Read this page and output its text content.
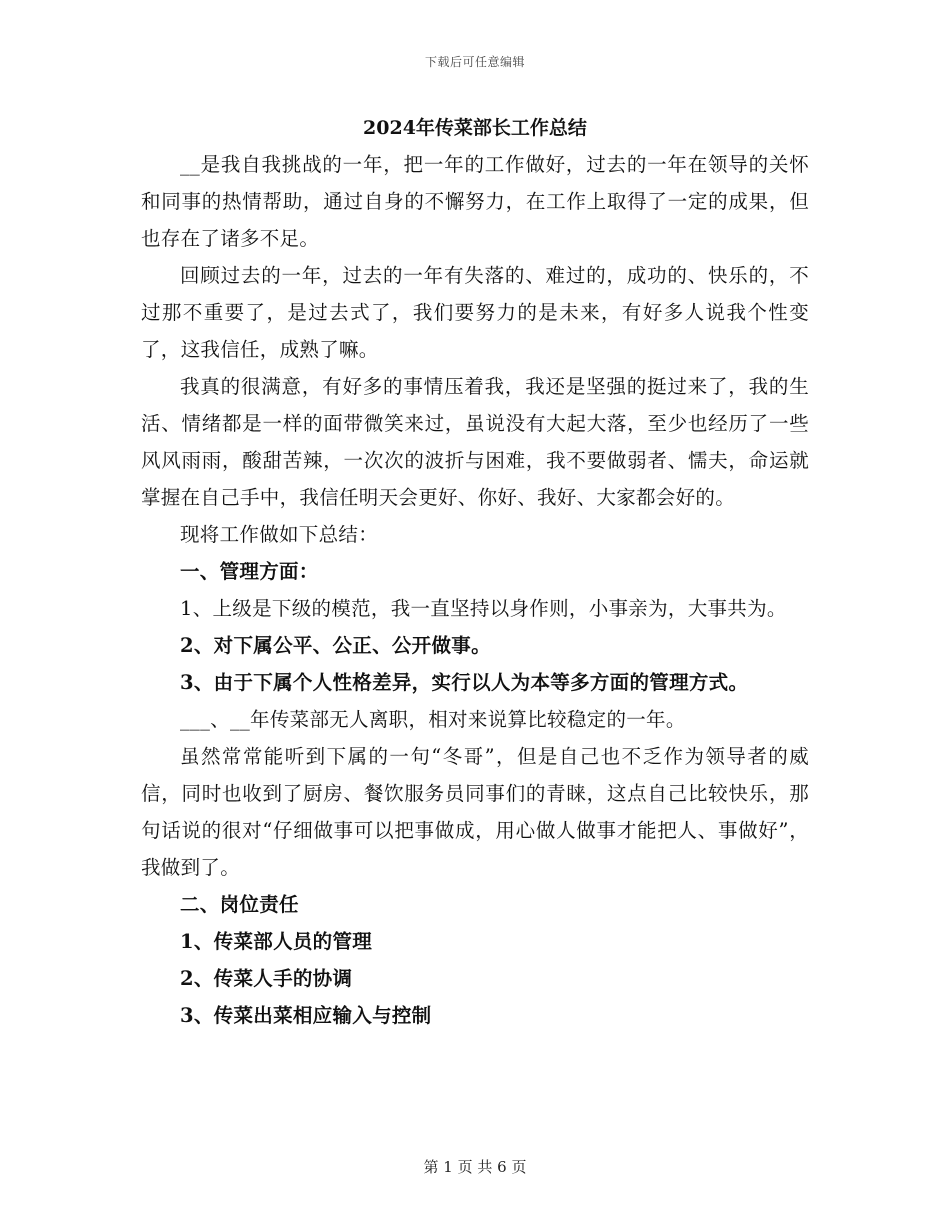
下载后可任意编辑
2024年传菜部长工作总结

__是我自我挑战的一年，把一年的工作做好，过去的一年在领导的关怀和同事的热情帮助，通过自身的不懈努力，在工作上取得了一定的成果，但也存在了诸多不足。

回顾过去的一年，过去的一年有失落的、难过的，成功的、快乐的，不过那不重要了，是过去式了，我们要努力的是未来，有好多人说我个性变了，这我信任，成熟了嘛。

我真的很满意，有好多的事情压着我，我还是坚强的挺过来了，我的生活、情绪都是一样的面带微笑来过，虽说没有大起大落，至少也经历了一些风风雨雨，酸甜苦辣，一次次的波折与困难，我不要做弱者、懦夫，命运就掌握在自己手中，我信任明天会更好、你好、我好、大家都会好的。

现将工作做如下总结：

一、管理方面：

1、上级是下级的模范，我一直坚持以身作则，小事亲为，大事共为。

2、对下属公平、公正、公开做事。

3、由于下属个人性格差异，实行以人为本等多方面的管理方式。

___、__年传菜部无人离职，相对来说算比较稳定的一年。

虽然常常能听到下属的一句“冬哥”，但是自己也不乏作为领导者的威信，同时也收到了厨房、餐饮服务员同事们的青睐，这点自己比较快乐，那句话说的很对“仔细做事可以把事做成，用心做人做事才能把人、事做好”，我做到了。

二、岗位责任

1、传菜部人员的管理

2、传菜人手的协调

3、传菜出菜相应输入与控制

第 1 页 共 6 页
